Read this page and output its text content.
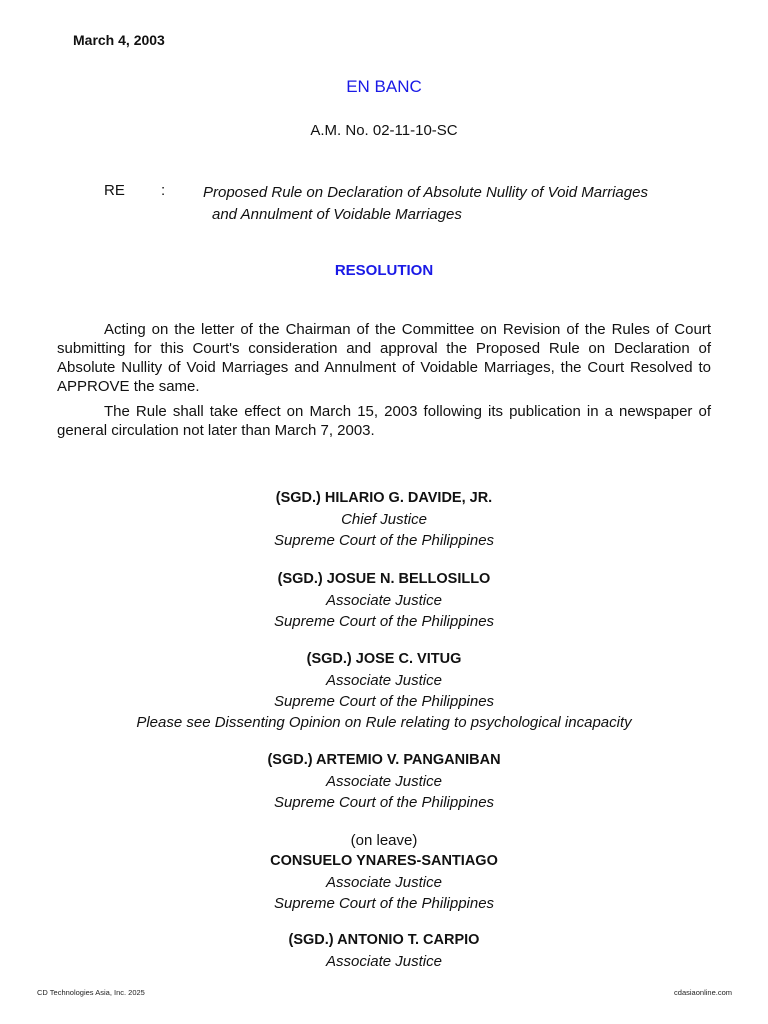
March 4, 2003
EN BANC
A.M. No. 02-11-10-SC
RE :	Proposed Rule on Declaration of Absolute Nullity of Void Marriages
and Annulment of Voidable Marriages
RESOLUTION

Acting on the letter of the Chairman of the Committee on Revision of the Rules of Court submitting for this Court's consideration and approval the Proposed Rule on Declaration of Absolute Nullity of Void Marriages and Annulment of Voidable Marriages, the Court Resolved to APPROVE the same.

The Rule shall take effect on March 15, 2003 following its publication in a newspaper of general circulation not later than March 7, 2003.

(SGD.) HILARIO G. DAVIDE, JR.
Chief Justice
Supreme Court of the Philippines
(SGD.) JOSUE N. BELLOSILLO
Associate Justice
Supreme Court of the Philippines
(SGD.) JOSE C. VITUG
Associate Justice
Supreme Court of the Philippines
Please see Dissenting Opinion on Rule relating to psychological incapacity
(SGD.) ARTEMIO V. PANGANIBAN
Associate Justice
Supreme Court of the Philippines
(on leave)
CONSUELO YNARES-SANTIAGO
Associate Justice
Supreme Court of the Philippines
(SGD.) ANTONIO T. CARPIO
Associate Justice
CD Technologies Asia, Inc. 2025	cdasiaonline.com
